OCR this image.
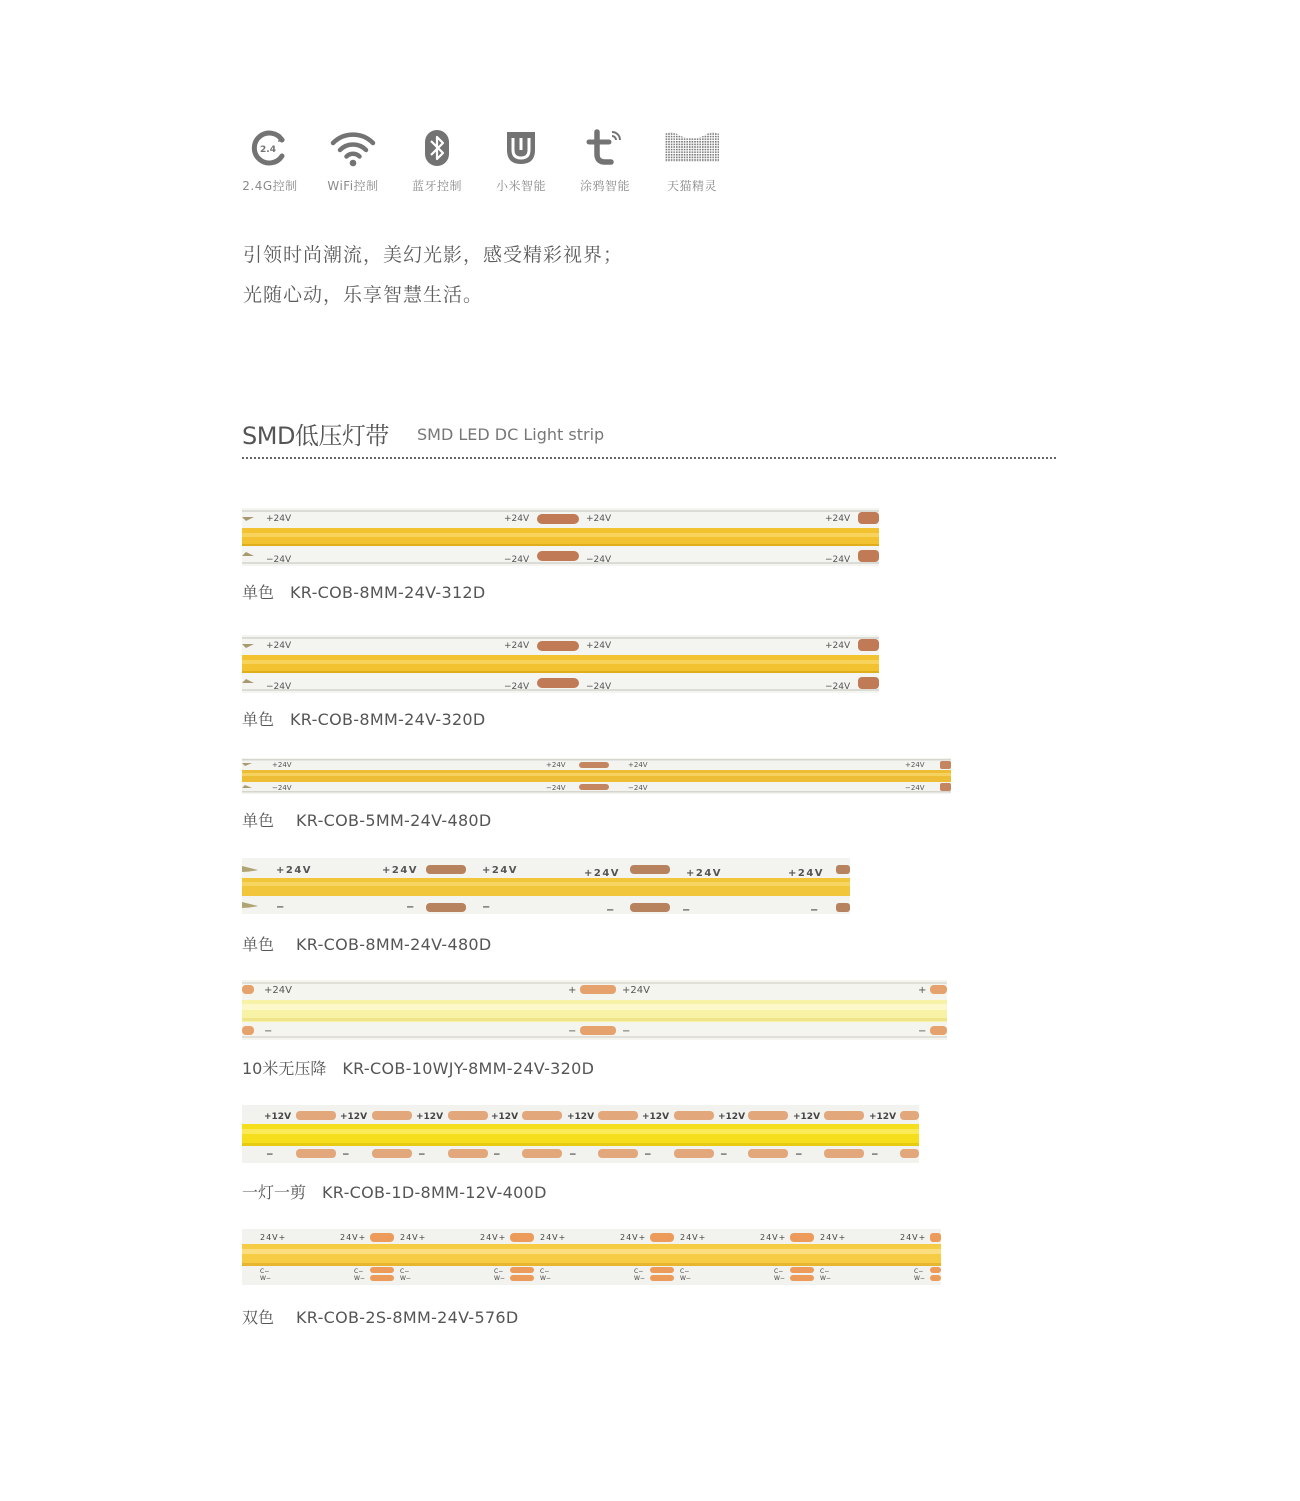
2.4
2.4G控制	WiFi控制	蓝牙控制	小米智能	涂鸦智能	天猫精灵
引领时尚潮流，美幻光影，感受精彩视界；
光随心动，乐享智慧生活。
SMD低压灯带 SMD LED DC Light strip
+24V	+24V	+24V	+24V
−24V	−24V	−24V	−24V
单色 KR-COB-8MM-24V-312D
+24V	+24V	+24V	+24V
−24V	−24V	−24V	−24V
单色 KR-COB-8MM-24V-320D
+24V	+24V	+24V	+24V
−24V	−24V	−24V	−24V
单色 KR-COB-5MM-24V-480D
+24V	+24V	+24V	+24V	+24V	+24V
−	−	−	−	−	−
单色 KR-COB-8MM-24V-480D
+24V	+24V
+	+
−	−	−	−
10米无压降 KR-COB-10WJY-8MM-24V-320D
+12V	+12V	+12V	+12V	+12V	+12V	+12V	+12V	+12V
−	−	−	−	−	−	−	−	−
一灯一剪 KR-COB-1D-8MM-12V-400D
24V+	24V+	24V+	24V+	24V+	24V+	24V+	24V+	24V+	24V+
C−
W−
C−
W−
C−
W−
C−
W−
C−
W−
C−
W−
C−
W−
C−
W−
C−
W−
C−
W−
双色 KR-COB-2S-8MM-24V-576D
